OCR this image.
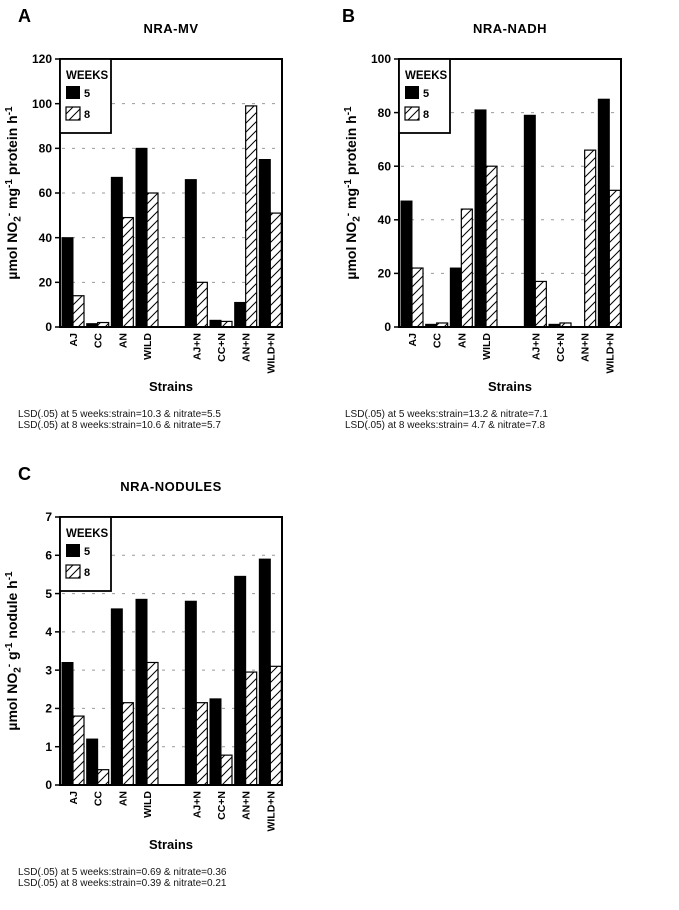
A
NRA-MV
0
20
40
60
80
100
120
AJ CC AN WILD	AJ+N CC+N AN+N WILD+N
WEEKS
5
8
µmol $NO_2^-$ $mg^{-1}$ protein $h^{-1}$
Strains
LSD(.05) at 5 weeks:strain=10.3 & nitrate=5.5
LSD(.05) at 8 weeks:strain=10.6 & nitrate=5.7
B
NRA-NADH
0
20
40
60
80
100
AJ CC AN WILD	AJ+N CC+N AN+N WILD+N
WEEKS
5
8
µmol $NO_2^-$ $mg^{-1}$ protein $h^{-1}$
Strains
LSD(.05) at 5 weeks:strain=13.2 & nitrate=7.1
LSD(.05) at 8 weeks:strain= 4.7 & nitrate=7.8
C
NRA-NODULES
0
1
2
3
4
5
6
7
AJ CC AN WILD	AJ+N CC+N AN+N WILD+N
WEEKS
5
8
µmol $NO_2^-$ $g^{-1}$ nodule $h^{-1}$
Strains
LSD(.05) at 5 weeks:strain=0.69 & nitrate=0.36
LSD(.05) at 8 weeks:strain=0.39 & nitrate=0.21
